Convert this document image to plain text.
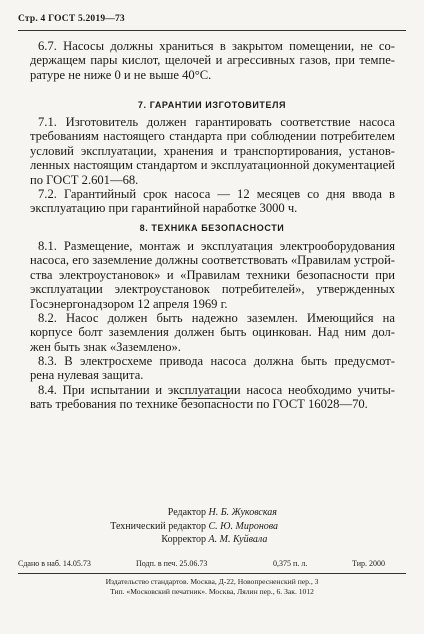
Стр. 4 ГОСТ 5.2019—73
6.7. Насосы должны храниться в закрытом помещении, не со-
держащем пары кислот, щелочей и агрессивных газов, при темпе-
ратуре не ниже 0 и не выше 40°С.
7. ГАРАНТИИ ИЗГОТОВИТЕЛЯ
7.1. Изготовитель должен гарантировать соответствие насоса
требованиям настоящего стандарта при соблюдении потребителем
условий эксплуатации, хранения и транспортирования, установ-
ленных настоящим стандартом и эксплуатационной документацией
по ГОСТ 2.601—68.
7.2. Гарантийный срок насоса — 12 месяцев со дня ввода в
эксплуатацию при гарантийной наработке 3000 ч.
8. ТЕХНИКА БЕЗОПАСНОСТИ
8.1. Размещение, монтаж и эксплуатация электрооборудования
насоса, его заземление должны соответствовать «Правилам устрой-
ства электроустановок» и «Правилам техники безопасности при
эксплуатации электроустановок потребителей», утвержденных
Госэнергонадзором 12 апреля 1969 г.
8.2. Насос должен быть надежно заземлен. Имеющийся на
корпусе болт заземления должен быть оцинкован. Над ним дол-
жен быть знак «Заземлено».
8.3. В электросхеме привода насоса должна быть предусмот-
рена нулевая защита.
8.4. При испытании и эксплуатации насоса необходимо учиты-
вать требования по технике безопасности по ГОСТ 16028—70.
Редактор Н. Б. Жуковская
Технический редактор С. Ю. Миронова
Корректор А. М. Куйвала
Сдано в наб. 14.05.73	Подп. в печ. 25.06.73	0,375 п. л.	Тир. 2000
Издательство стандартов. Москва, Д-22, Новопресненский пер., 3
Тип. «Московский печатник». Москва, Лялин пер., 6. Зак. 1012
